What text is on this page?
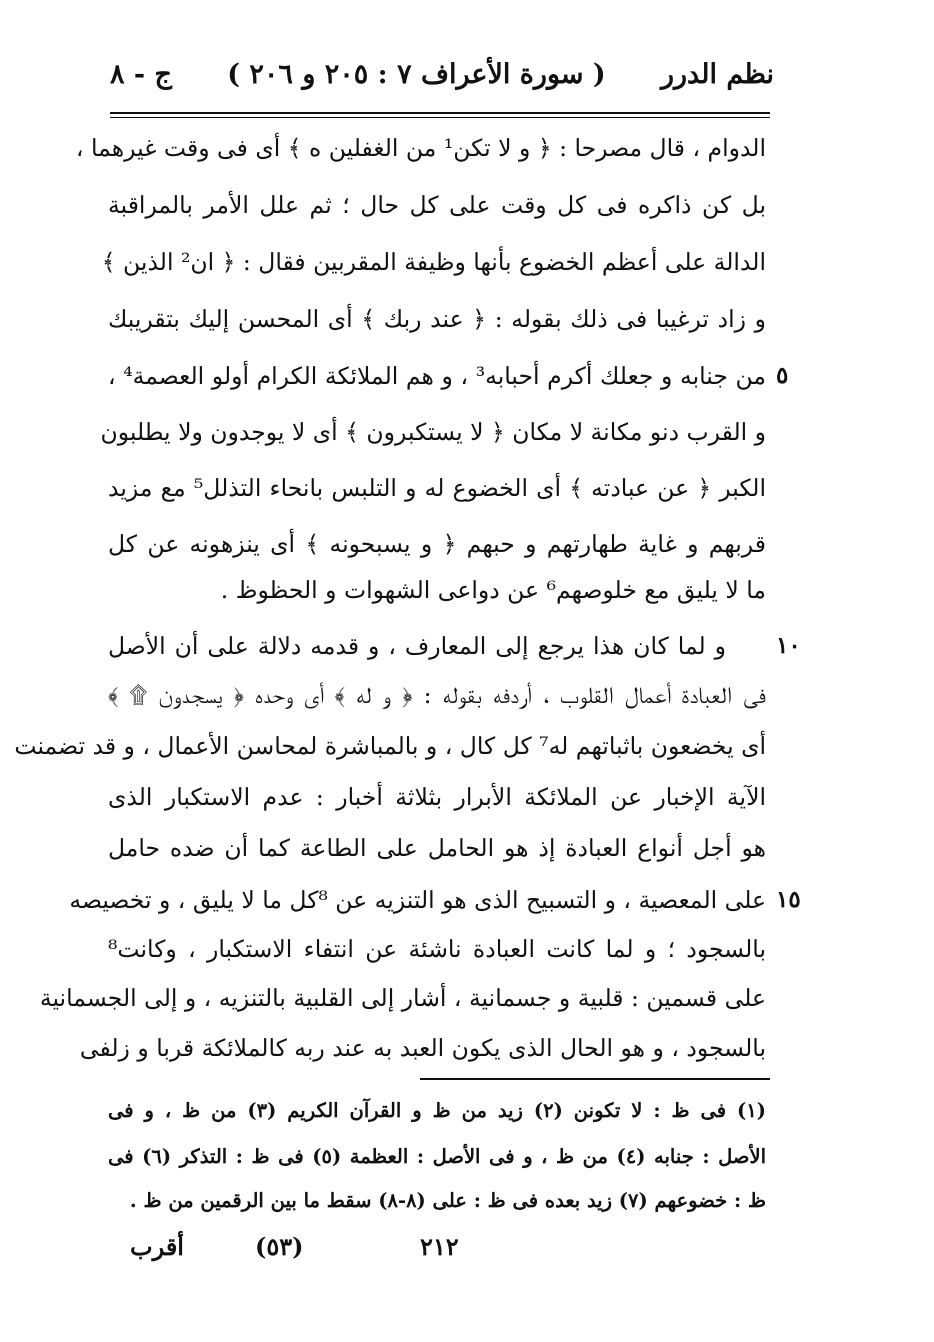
نظم الدرر
( سورة الأعراف ٧ : ٢٠٥ و ٢٠٦ )
ج - ٨
الدوام ، قال مصرحا : ﴿ و لا تكن¹ من الغفلين ه ﴾ أى فى وقت غيرهما ،
بل كن ذاكره فى كل وقت على كل حال ؛ ثم علل الأمر بالمراقبة
الدالة على أعظم الخضوع بأنها وظيفة المقربين فقال : ﴿ ان² الذين ﴾
و زاد ترغيبا فى ذلك بقوله : ﴿ عند ربك ﴾ أى المحسن إليك بتقريبك
من جنابه و جعلك أكرم أحبابه³ ، و هم الملائكة الكرام أولو العصمة⁴ ،
و القرب دنو مكانة لا مكان ﴿ لا يستكبرون ﴾ أى لا يوجدون ولا يطلبون
الكبر ﴿ عن عبادته ﴾ أى الخضوع له و التلبس بانحاء التذلل⁵ مع مزيد
قربهم و غاية طهارتهم و حبهم ﴿ و يسبحونه ﴾ أى ينزهونه عن كل
ما لا يليق مع خلوصهم⁶ عن دواعى الشهوات و الحظوظ .
و لما كان هذا يرجع إلى المعارف ، و قدمه دلالة على أن الأصل
فى العبادة أعمال القلوب ، أردفه بقوله : ﴿ و له ﴾ أى وحده ﴿ يسجدون ۩ ﴾
أى يخضعون باثباتهم له⁷ كل كال ، و بالمباشرة لمحاسن الأعمال ، و قد تضمنت
الآية الإخبار عن الملائكة الأبرار بثلاثة أخبار : عدم الاستكبار الذى
هو أجل أنواع العبادة إذ هو الحامل على الطاعة كما أن ضده حامل
على المعصية ، و التسبيح الذى هو التنزيه عن ⁸كل ما لا يليق ، و تخصيصه
بالسجود ؛ و لما كانت العبادة ناشئة عن انتفاء الاستكبار ، وكانت⁸
على قسمين : قلبية و جسمانية ، أشار إلى القلبية بالتنزيه ، و إلى الجسمانية
بالسجود ، و هو الحال الذى يكون العبد به عند ربه كالملائكة قربا و زلفى
٥
١٠
١٥
(١) فى ظ : لا تكونن (٢) زيد من ظ و القرآن الكريم (٣) من ظ ، و فى
الأصل : جنابه (٤) من ظ ، و فى الأصل : العظمة (٥) فى ظ : التذكر (٦) فى
ظ : خضوعهم (٧) زيد بعده فى ظ : على (٨-٨) سقط ما بين الرقمين من ظ .
أقرب	(٥٣)	٢١٢
